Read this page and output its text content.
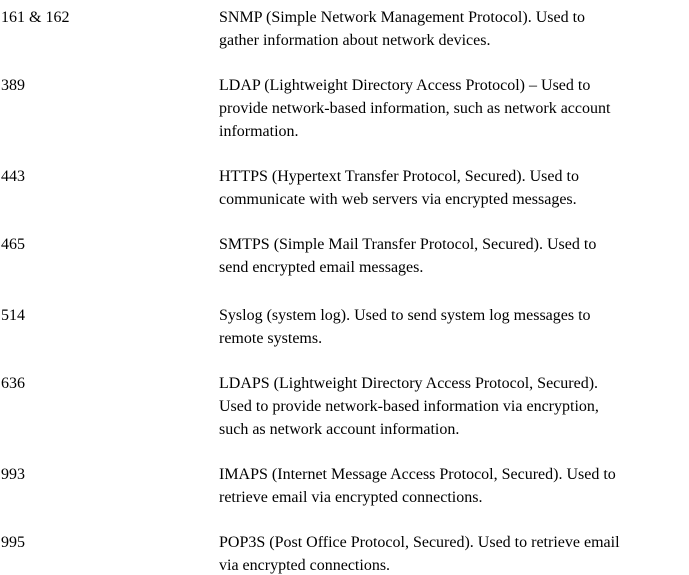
161 & 162	SNMP (Simple Network Management Protocol). Used to
gather information about network devices.
389	LDAP (Lightweight Directory Access Protocol) – Used to
provide network-based information, such as network account
information.
443	HTTPS (Hypertext Transfer Protocol, Secured). Used to
communicate with web servers via encrypted messages.
465	SMTPS (Simple Mail Transfer Protocol, Secured). Used to
send encrypted email messages.
514	Syslog (system log). Used to send system log messages to
remote systems.
636	LDAPS (Lightweight Directory Access Protocol, Secured).
Used to provide network-based information via encryption,
such as network account information.
993	IMAPS (Internet Message Access Protocol, Secured). Used to
retrieve email via encrypted connections.
995	POP3S (Post Office Protocol, Secured). Used to retrieve email
via encrypted connections.
